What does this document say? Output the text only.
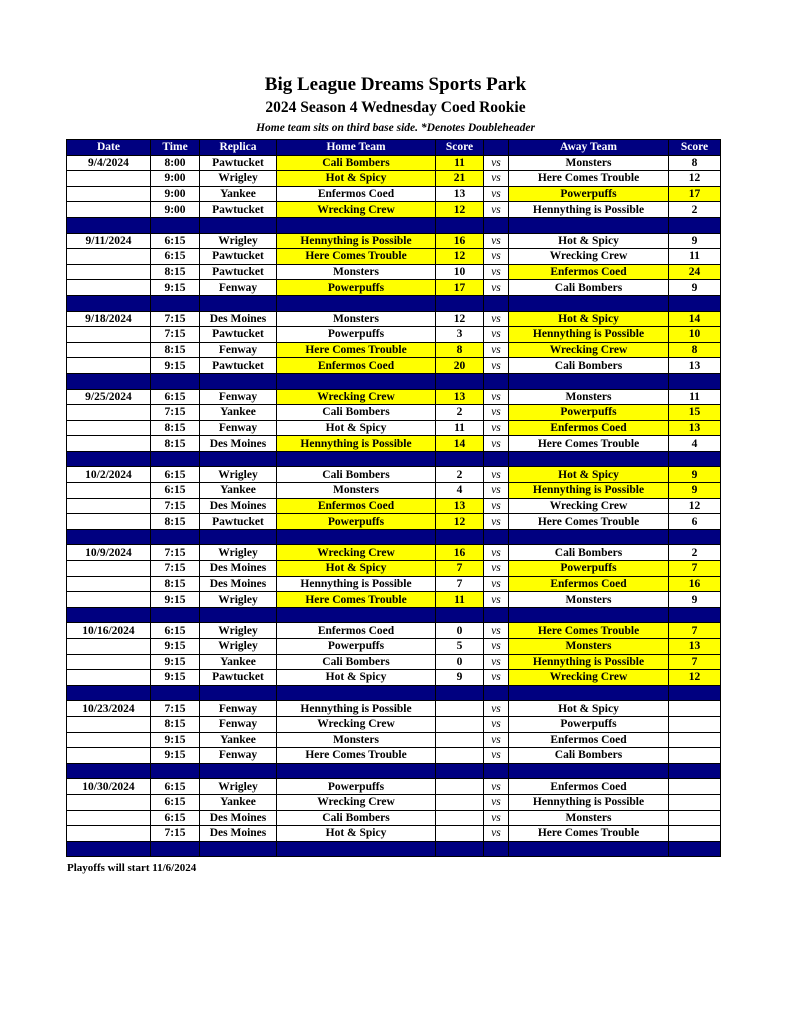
Big League Dreams Sports Park
2024 Season 4 Wednesday Coed Rookie
Home team sits on third base side. *Denotes Doubleheader
Date	Time	Replica	Home Team	Score		Away Team	Score
9/4/2024	8:00	Pawtucket	Cali Bombers	11	vs	Monsters	8
	9:00	Wrigley	Hot & Spicy	21	vs	Here Comes Trouble	12
	9:00	Yankee	Enfermos Coed	13	vs	Powerpuffs	17
	9:00	Pawtucket	Wrecking Crew	12	vs	Hennything is Possible	2

9/11/2024	6:15	Wrigley	Hennything is Possible	16	vs	Hot & Spicy	9
	6:15	Pawtucket	Here Comes Trouble	12	vs	Wrecking Crew	11
	8:15	Pawtucket	Monsters	10	vs	Enfermos Coed	24
	9:15	Fenway	Powerpuffs	17	vs	Cali Bombers	9

9/18/2024	7:15	Des Moines	Monsters	12	vs	Hot & Spicy	14
	7:15	Pawtucket	Powerpuffs	3	vs	Hennything is Possible	10
	8:15	Fenway	Here Comes Trouble	8	vs	Wrecking Crew	8
	9:15	Pawtucket	Enfermos Coed	20	vs	Cali Bombers	13

9/25/2024	6:15	Fenway	Wrecking Crew	13	vs	Monsters	11
	7:15	Yankee	Cali Bombers	2	vs	Powerpuffs	15
	8:15	Fenway	Hot & Spicy	11	vs	Enfermos Coed	13
	8:15	Des Moines	Hennything is Possible	14	vs	Here Comes Trouble	4

10/2/2024	6:15	Wrigley	Cali Bombers	2	vs	Hot & Spicy	9
	6:15	Yankee	Monsters	4	vs	Hennything is Possible	9
	7:15	Des Moines	Enfermos Coed	13	vs	Wrecking Crew	12
	8:15	Pawtucket	Powerpuffs	12	vs	Here Comes Trouble	6

10/9/2024	7:15	Wrigley	Wrecking Crew	16	vs	Cali Bombers	2
	7:15	Des Moines	Hot & Spicy	7	vs	Powerpuffs	7
	8:15	Des Moines	Hennything is Possible	7	vs	Enfermos Coed	16
	9:15	Wrigley	Here Comes Trouble	11	vs	Monsters	9

10/16/2024	6:15	Wrigley	Enfermos Coed	0	vs	Here Comes Trouble	7
	9:15	Wrigley	Powerpuffs	5	vs	Monsters	13
	9:15	Yankee	Cali Bombers	0	vs	Hennything is Possible	7
	9:15	Pawtucket	Hot & Spicy	9	vs	Wrecking Crew	12

10/23/2024	7:15	Fenway	Hennything is Possible		vs	Hot & Spicy	
	8:15	Fenway	Wrecking Crew		vs	Powerpuffs	
	9:15	Yankee	Monsters		vs	Enfermos Coed	
	9:15	Fenway	Here Comes Trouble		vs	Cali Bombers	

10/30/2024	6:15	Wrigley	Powerpuffs		vs	Enfermos Coed	
	6:15	Yankee	Wrecking Crew		vs	Hennything is Possible	
	6:15	Des Moines	Cali Bombers		vs	Monsters	
	7:15	Des Moines	Hot & Spicy		vs	Here Comes Trouble	

Playoffs will start 11/6/2024
